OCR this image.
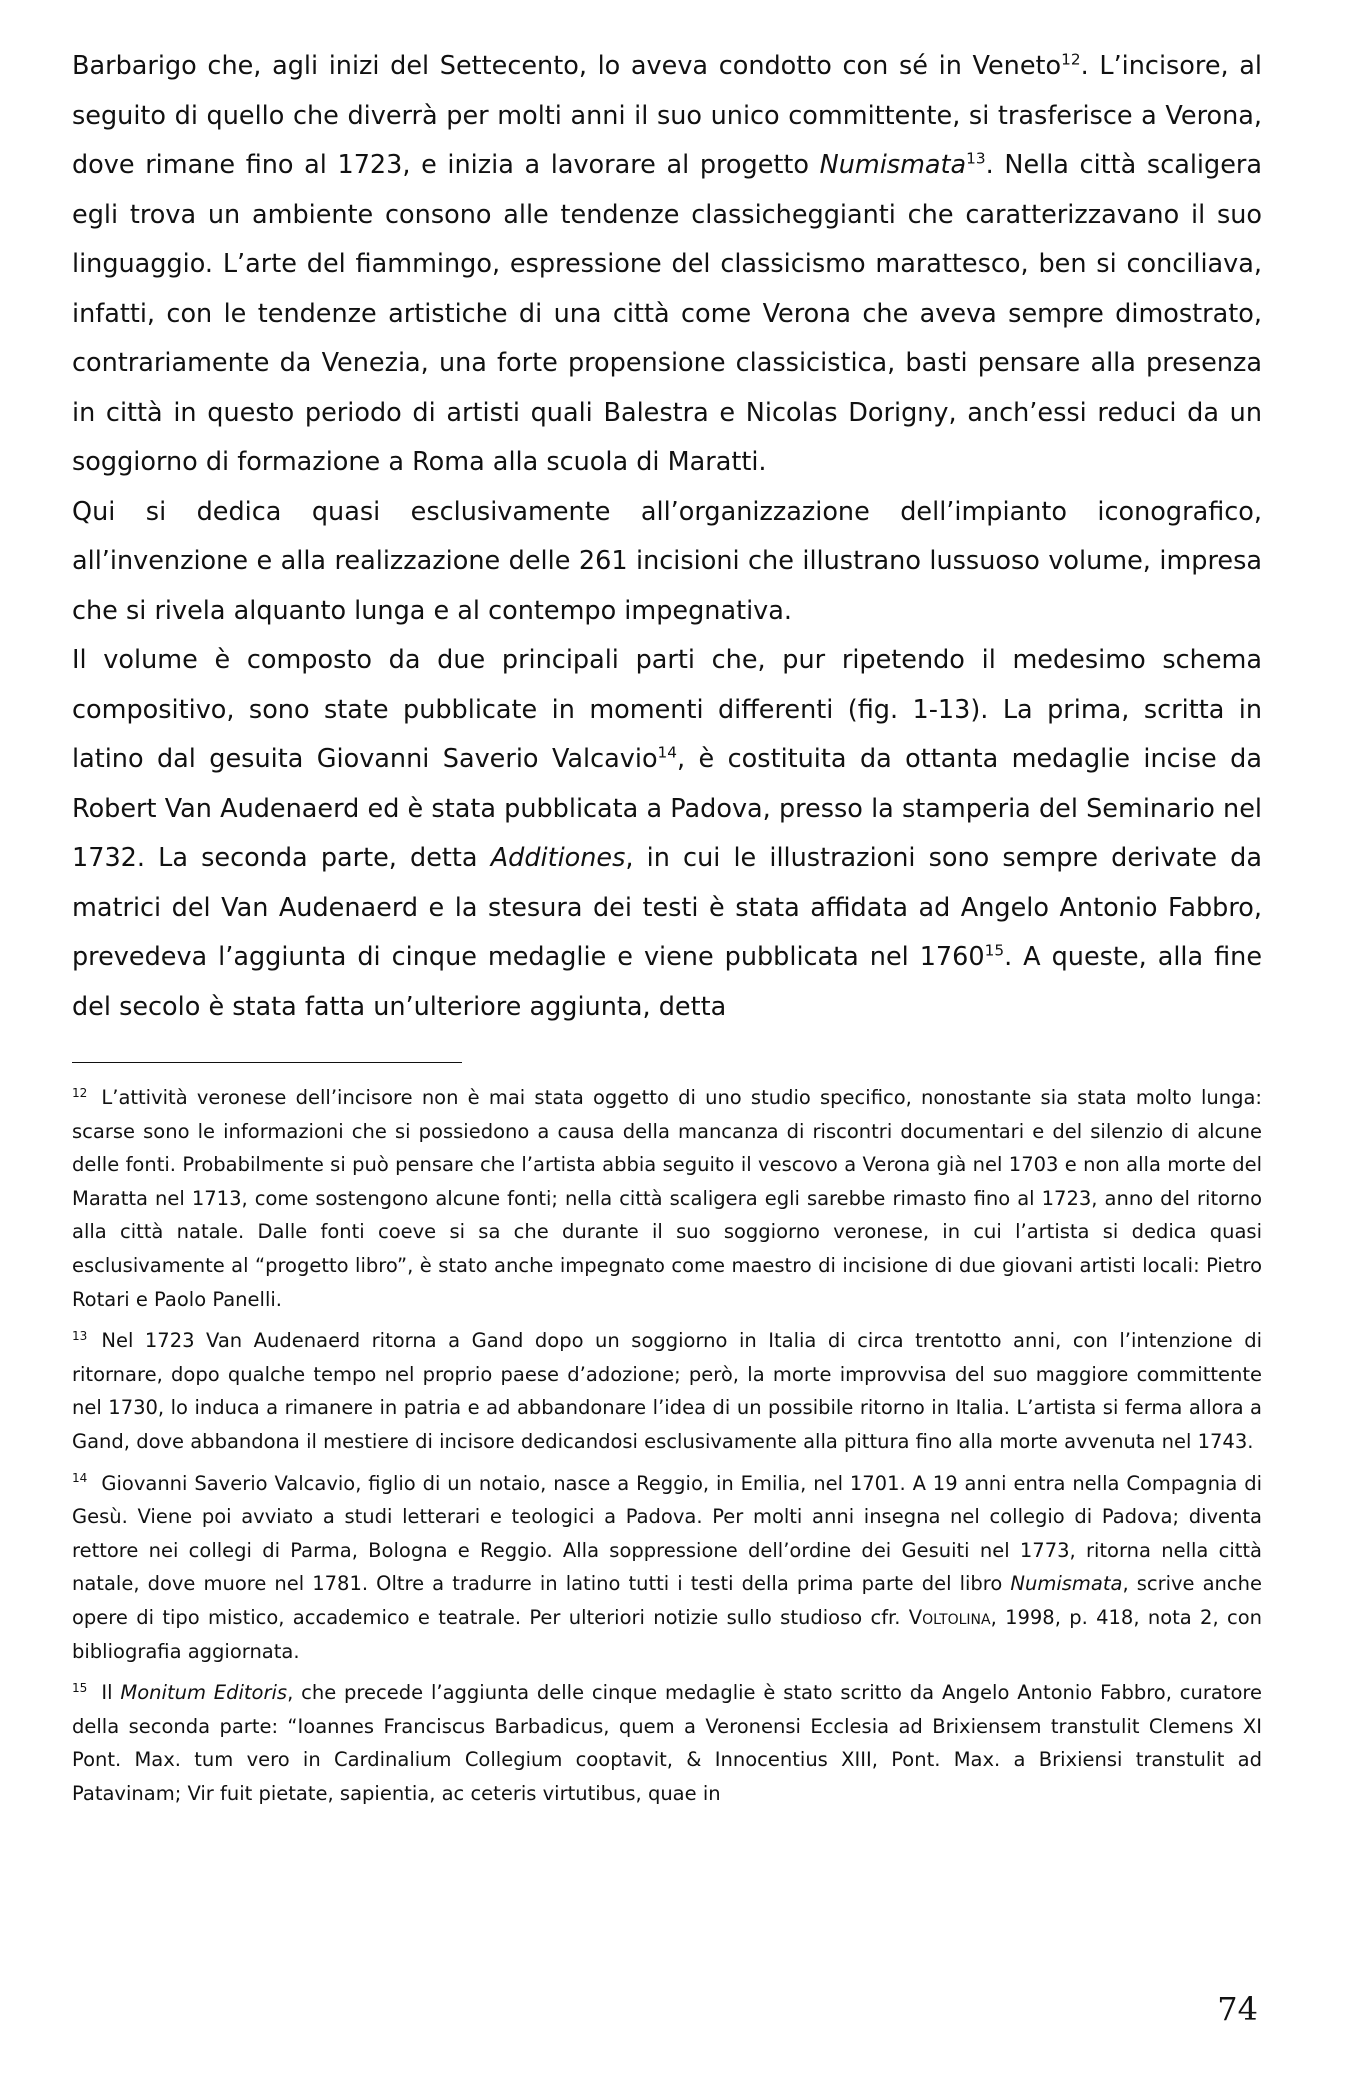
Barbarigo che, agli inizi del Settecento, lo aveva condotto con sé in Veneto$^{12}$. L’incisore, al seguito di quello che diverrà per molti anni il suo unico committente, si trasferisce a Verona, dove rimane fino al 1723, e inizia a lavorare al progetto Numismata$^{13}$. Nella città scaligera egli trova un ambiente consono alle tendenze classicheggianti che caratterizzavano il suo linguaggio. L’arte del fiammingo, espressione del classicismo marattesco, ben si conciliava, infatti, con le tendenze artistiche di una città come Verona che aveva sempre dimostrato, contrariamente da Venezia, una forte propensione classicistica, basti pensare alla presenza in città in questo periodo di artisti quali Balestra e Nicolas Dorigny, anch’essi reduci da un soggiorno di formazione a Roma alla scuola di Maratti.

Qui si dedica quasi esclusivamente all’organizzazione dell’impianto iconografico, all’invenzione e alla realizzazione delle 261 incisioni che illustrano lussuoso volume, impresa che si rivela alquanto lunga e al contempo impegnativa.

Il volume è composto da due principali parti che, pur ripetendo il medesimo schema compositivo, sono state pubblicate in momenti differenti (fig. 1-13). La prima, scritta in latino dal gesuita Giovanni Saverio Valcavio$^{14}$, è costituita da ottanta medaglie incise da Robert Van Audenaerd ed è stata pubblicata a Padova, presso la stamperia del Seminario nel 1732. La seconda parte, detta Additiones, in cui le illustrazioni sono sempre derivate da matrici del Van Audenaerd e la stesura dei testi è stata affidata ad Angelo Antonio Fabbro, prevedeva l’aggiunta di cinque medaglie e viene pubblicata nel 1760$^{15}$. A queste, alla fine del secolo è stata fatta un’ulteriore aggiunta, detta

$^{12}$ L’attività veronese dell’incisore non è mai stata oggetto di uno studio specifico, nonostante sia stata molto lunga: scarse sono le informazioni che si possiedono a causa della mancanza di riscontri documentari e del silenzio di alcune delle fonti. Probabilmente si può pensare che l’artista abbia seguito il vescovo a Verona già nel 1703 e non alla morte del Maratta nel 1713, come sostengono alcune fonti; nella città scaligera egli sarebbe rimasto fino al 1723, anno del ritorno alla città natale. Dalle fonti coeve si sa che durante il suo soggiorno veronese, in cui l’artista si dedica quasi esclusivamente al “progetto libro”, è stato anche impegnato come maestro di incisione di due giovani artisti locali: Pietro Rotari e Paolo Panelli.

$^{13}$ Nel 1723 Van Audenaerd ritorna a Gand dopo un soggiorno in Italia di circa trentotto anni, con l’intenzione di ritornare, dopo qualche tempo nel proprio paese d’adozione; però, la morte improvvisa del suo maggiore committente nel 1730, lo induca a rimanere in patria e ad abbandonare l’idea di un possibile ritorno in Italia. L’artista si ferma allora a Gand, dove abbandona il mestiere di incisore dedicandosi esclusivamente alla pittura fino alla morte avvenuta nel 1743.

$^{14}$ Giovanni Saverio Valcavio, figlio di un notaio, nasce a Reggio, in Emilia, nel 1701. A 19 anni entra nella Compagnia di Gesù. Viene poi avviato a studi letterari e teologici a Padova. Per molti anni insegna nel collegio di Padova; diventa rettore nei collegi di Parma, Bologna e Reggio. Alla soppressione dell’ordine dei Gesuiti nel 1773, ritorna nella città natale, dove muore nel 1781. Oltre a tradurre in latino tutti i testi della prima parte del libro Numismata, scrive anche opere di tipo mistico, accademico e teatrale. Per ulteriori notizie sullo studioso cfr. Voltolina, 1998, p. 418, nota 2, con bibliografia aggiornata.

$^{15}$ Il Monitum Editoris, che precede l’aggiunta delle cinque medaglie è stato scritto da Angelo Antonio Fabbro, curatore della seconda parte: “Ioannes Franciscus Barbadicus, quem a Veronensi Ecclesia ad Brixiensem transtulit Clemens XI Pont. Max. tum vero in Cardinalium Collegium cooptavit, & Innocentius XIII, Pont. Max. a Brixiensi transtulit ad Patavinam; Vir fuit pietate, sapientia, ac ceteris virtutibus, quae in

74
